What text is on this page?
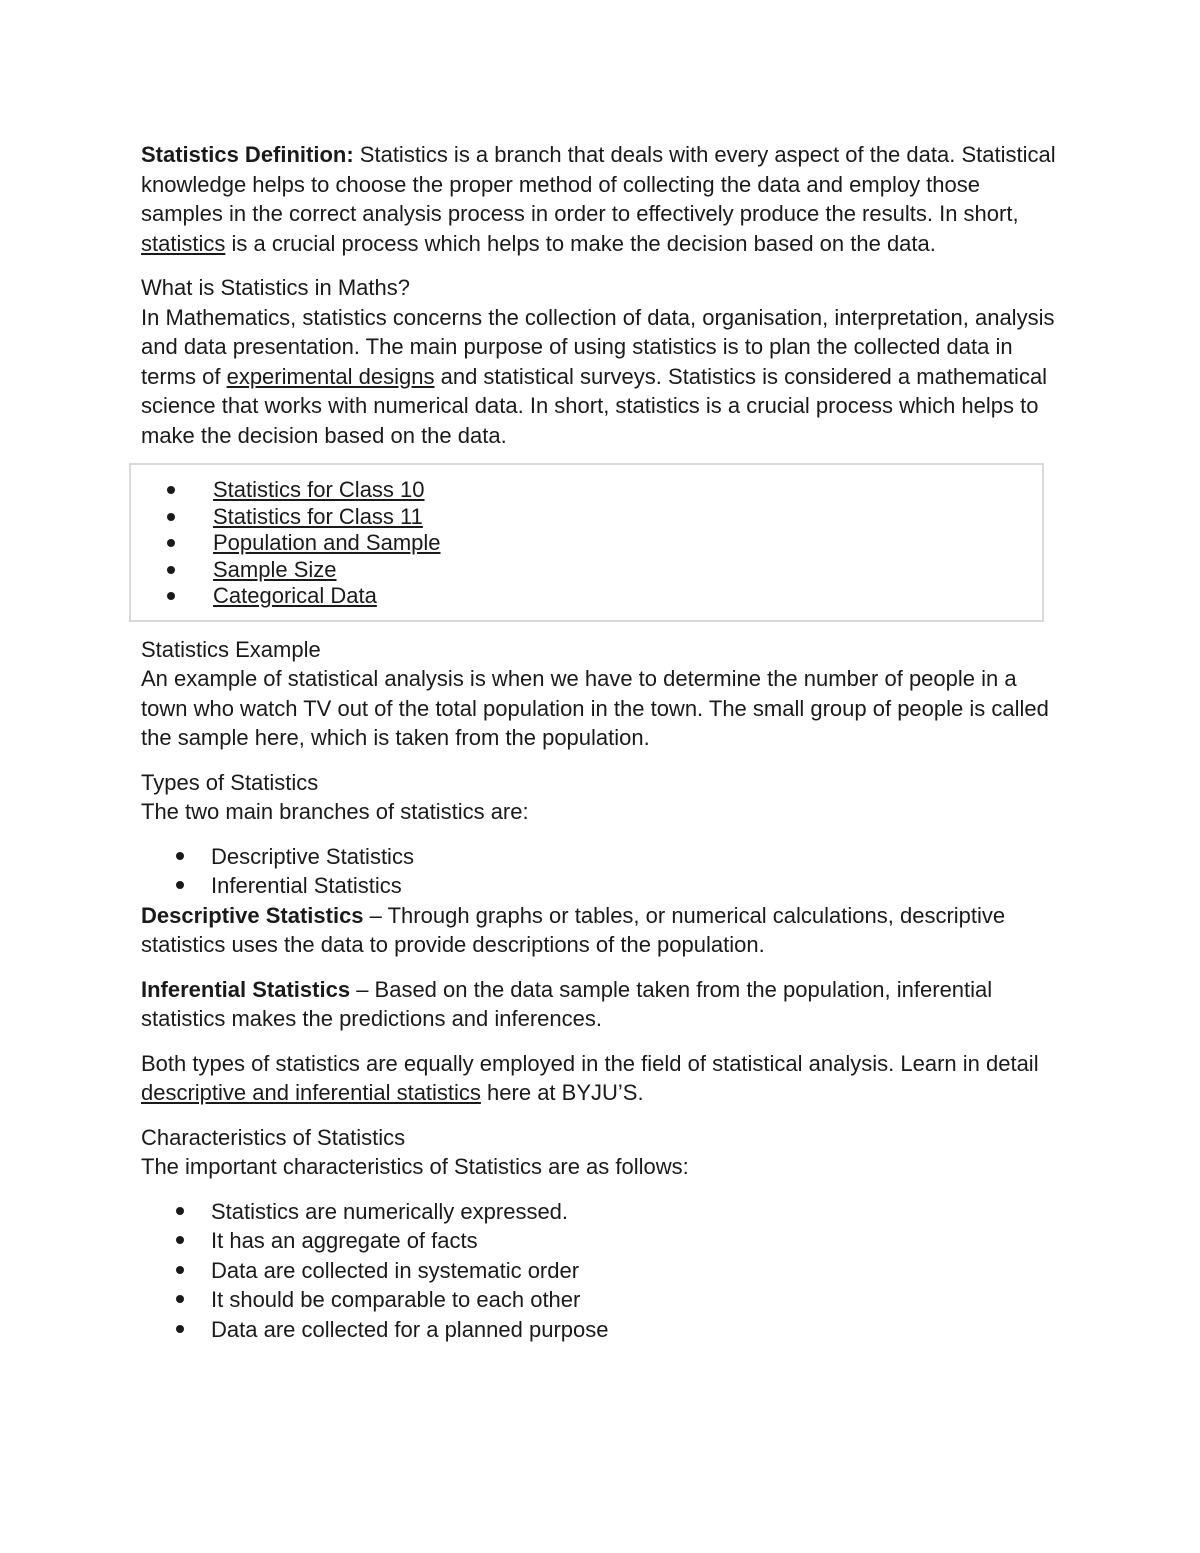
Statistics Definition: Statistics is a branch that deals with every aspect of the data. Statistical knowledge helps to choose the proper method of collecting the data and employ those samples in the correct analysis process in order to effectively produce the results. In short, statistics is a crucial process which helps to make the decision based on the data.

What is Statistics in Maths?

In Mathematics, statistics concerns the collection of data, organisation, interpretation, analysis and data presentation. The main purpose of using statistics is to plan the collected data in terms of experimental designs and statistical surveys. Statistics is considered a mathematical science that works with numerical data. In short, statistics is a crucial process which helps to make the decision based on the data.

Statistics for Class 10
Statistics for Class 11
Population and Sample
Sample Size
Categorical Data

Statistics Example

An example of statistical analysis is when we have to determine the number of people in a town who watch TV out of the total population in the town. The small group of people is called the sample here, which is taken from the population.

Types of Statistics

The two main branches of statistics are:

Descriptive Statistics
Inferential Statistics

Descriptive Statistics – Through graphs or tables, or numerical calculations, descriptive statistics uses the data to provide descriptions of the population.

Inferential Statistics – Based on the data sample taken from the population, inferential statistics makes the predictions and inferences.

Both types of statistics are equally employed in the field of statistical analysis. Learn in detail descriptive and inferential statistics here at BYJU’S.

Characteristics of Statistics

The important characteristics of Statistics are as follows:

Statistics are numerically expressed.
It has an aggregate of facts
Data are collected in systematic order
It should be comparable to each other
Data are collected for a planned purpose
